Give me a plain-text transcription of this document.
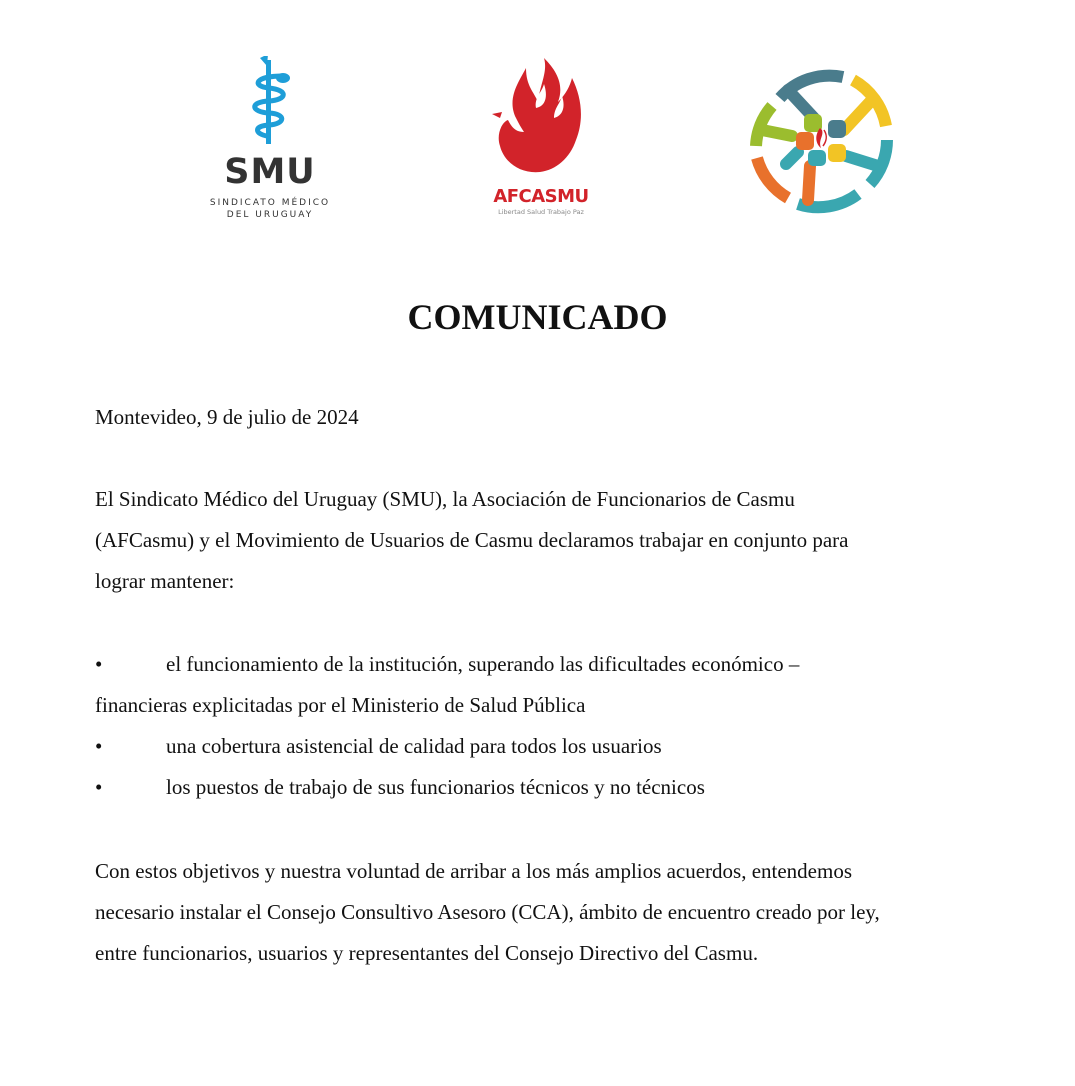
SMU
SINDICATO MÉDICO
DEL URUGUAY
AFCASMU
Libertad Salud Trabajo Paz
COMUNICADO
Montevideo, 9 de julio de 2024
El Sindicato Médico del Uruguay (SMU), la Asociación de Funcionarios de Casmu
(AFCasmu) y el Movimiento de Usuarios de Casmu declaramos trabajar en conjunto para
lograr mantener:
•	el funcionamiento de la institución, superando las dificultades económico –
financieras explicitadas por el Ministerio de Salud Pública
•	una cobertura asistencial de calidad para todos los usuarios
•	los puestos de trabajo de sus funcionarios técnicos y no técnicos
Con estos objetivos y nuestra voluntad de arribar a los más amplios acuerdos, entendemos
necesario instalar el Consejo Consultivo Asesoro (CCA), ámbito de encuentro creado por ley,
entre funcionarios, usuarios y representantes del Consejo Directivo del Casmu.
